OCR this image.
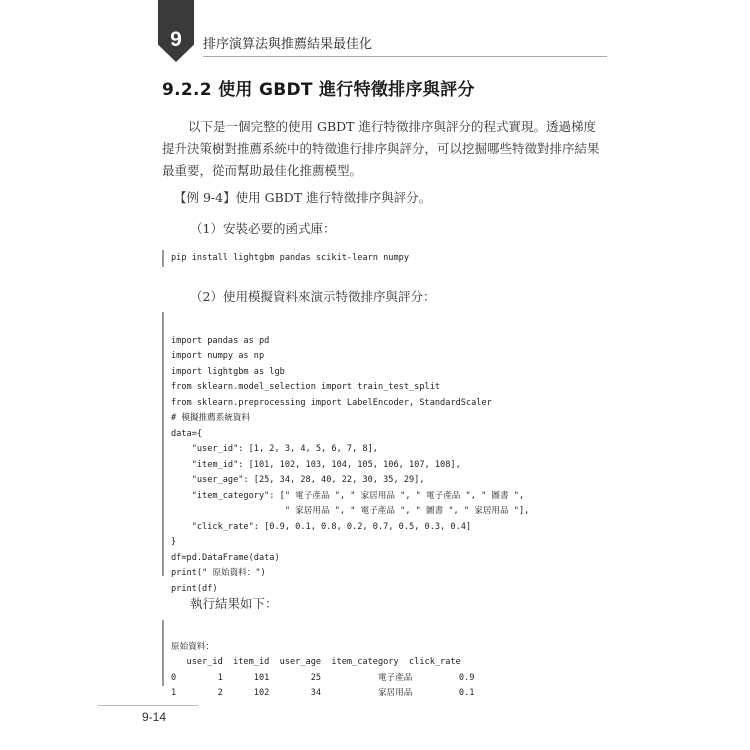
9	排序演算法與推薦結果最佳化
9.2.2 使用 GBDT 進行特徵排序與評分
以下是一個完整的使用 GBDT 進行特徵排序與評分的程式實現。透過梯度提升決策樹對推薦系統中的特徵進行排序與評分，可以挖掘哪些特徵對排序結果最重要，從而幫助最佳化推薦模型。
【例 9-4】使用 GBDT 進行特徵排序與評分。
（1）安裝必要的函式庫：
pip install lightgbm pandas scikit-learn numpy
（2）使用模擬資料來演示特徵排序與評分：

import pandas as pd
import numpy as np
import lightgbm as lgb
from sklearn.model_selection import train_test_split
from sklearn.preprocessing import LabelEncoder, StandardScaler
# 模擬推薦系統資料
data={
"user_id": [1, 2, 3, 4, 5, 6, 7, 8],
"item_id": [101, 102, 103, 104, 105, 106, 107, 108],
"user_age": [25, 34, 28, 40, 22, 30, 35, 29],
"item_category": [" 電子產品 ", " 家居用品 ", " 電子產品 ", " 圖書 ",
" 家居用品 ", " 電子產品 ", " 圖書 ", " 家居用品 "],
"click_rate": [0.9, 0.1, 0.8, 0.2, 0.7, 0.5, 0.3, 0.4]
}
df=pd.DataFrame(data)
print(" 原始資料：")
print(df)

執行結果如下：

原始資料：
user_id  item_id  user_age  item_category  click_rate
0        1      101        25           電子產品         0.9
1        2      102        34           家居用品         0.1

9-14
